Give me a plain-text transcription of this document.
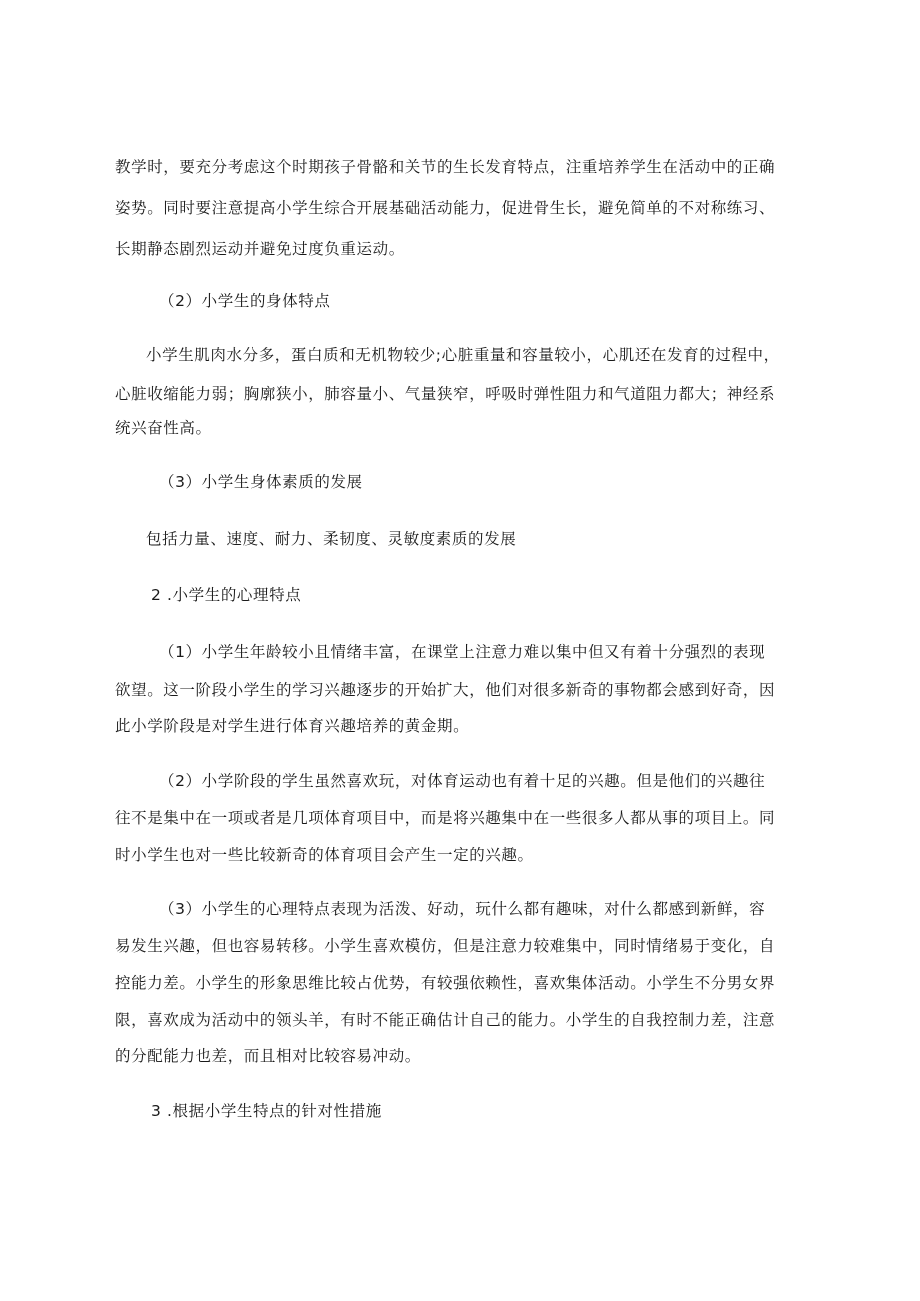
教学时，要充分考虑这个时期孩子骨骼和关节的生长发育特点，注重培养学生在活动中的正确
姿势。同时要注意提高小学生综合开展基础活动能力，促进骨生长，避免简单的不对称练习、
长期静态剧烈运动并避免过度负重运动。
（2）小学生的身体特点
小学生肌肉水分多，蛋白质和无机物较少;心脏重量和容量较小，心肌还在发育的过程中，
心脏收缩能力弱；胸廓狭小，肺容量小、气量狭窄，呼吸时弹性阻力和气道阻力都大；神经系
统兴奋性高。
（3）小学生身体素质的发展
包括力量、速度、耐力、柔韧度、灵敏度素质的发展
2 .小学生的心理特点
（1）小学生年龄较小且情绪丰富，在课堂上注意力难以集中但又有着十分强烈的表现
欲望。这一阶段小学生的学习兴趣逐步的开始扩大，他们对很多新奇的事物都会感到好奇，因
此小学阶段是对学生进行体育兴趣培养的黄金期。
（2）小学阶段的学生虽然喜欢玩，对体育运动也有着十足的兴趣。但是他们的兴趣往
往不是集中在一项或者是几项体育项目中，而是将兴趣集中在一些很多人都从事的项目上。同
时小学生也对一些比较新奇的体育项目会产生一定的兴趣。
（3）小学生的心理特点表现为活泼、好动，玩什么都有趣味，对什么都感到新鲜，容
易发生兴趣，但也容易转移。小学生喜欢模仿，但是注意力较难集中，同时情绪易于变化，自
控能力差。小学生的形象思维比较占优势，有较强依赖性，喜欢集体活动。小学生不分男女界
限，喜欢成为活动中的领头羊，有时不能正确估计自己的能力。小学生的自我控制力差，注意
的分配能力也差，而且相对比较容易冲动。
3 .根据小学生特点的针对性措施
